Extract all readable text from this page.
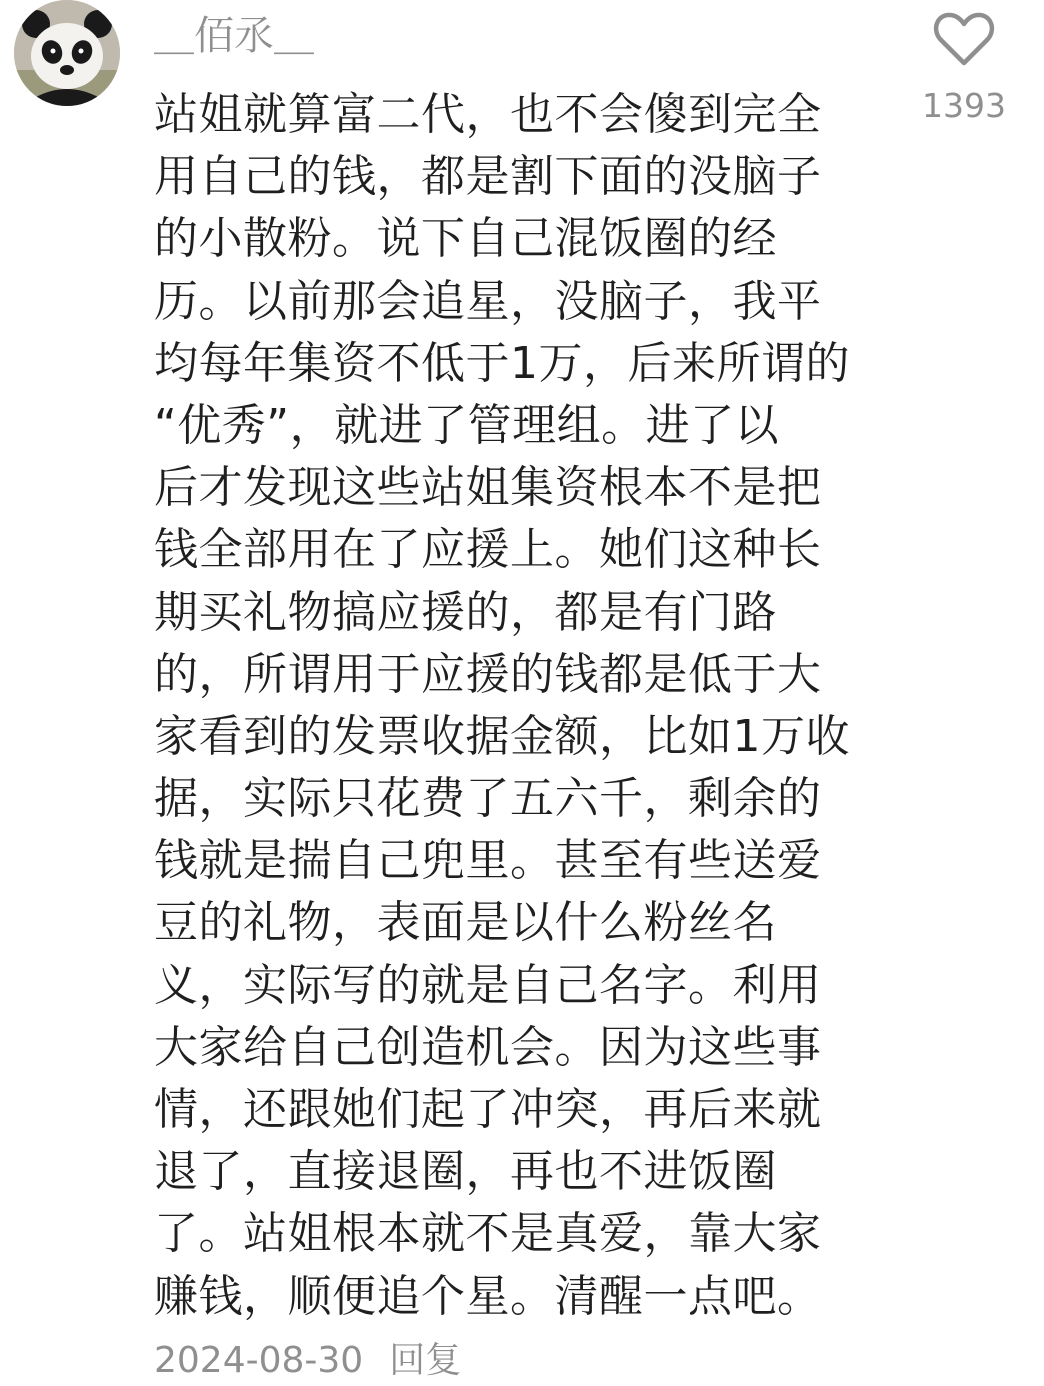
＿佰氶＿
1393
站姐就算富二代，也不会傻到完全
用自己的钱，都是割下面的没脑子
的小散粉。说下自己混饭圈的经
历。以前那会追星，没脑子，我平
均每年集资不低于1万，后来所谓的
“优秀”，就进了管理组。进了以
后才发现这些站姐集资根本不是把
钱全部用在了应援上。她们这种长
期买礼物搞应援的，都是有门路
的，所谓用于应援的钱都是低于大
家看到的发票收据金额，比如1万收
据，实际只花费了五六千，剩余的
钱就是揣自己兜里。甚至有些送爱
豆的礼物，表面是以什么粉丝名
义，实际写的就是自己名字。利用
大家给自己创造机会。因为这些事
情，还跟她们起了冲突，再后来就
退了，直接退圈，再也不进饭圈
了。站姐根本就不是真爱，靠大家
赚钱，顺便追个星。清醒一点吧。
2024-08-30 回复
